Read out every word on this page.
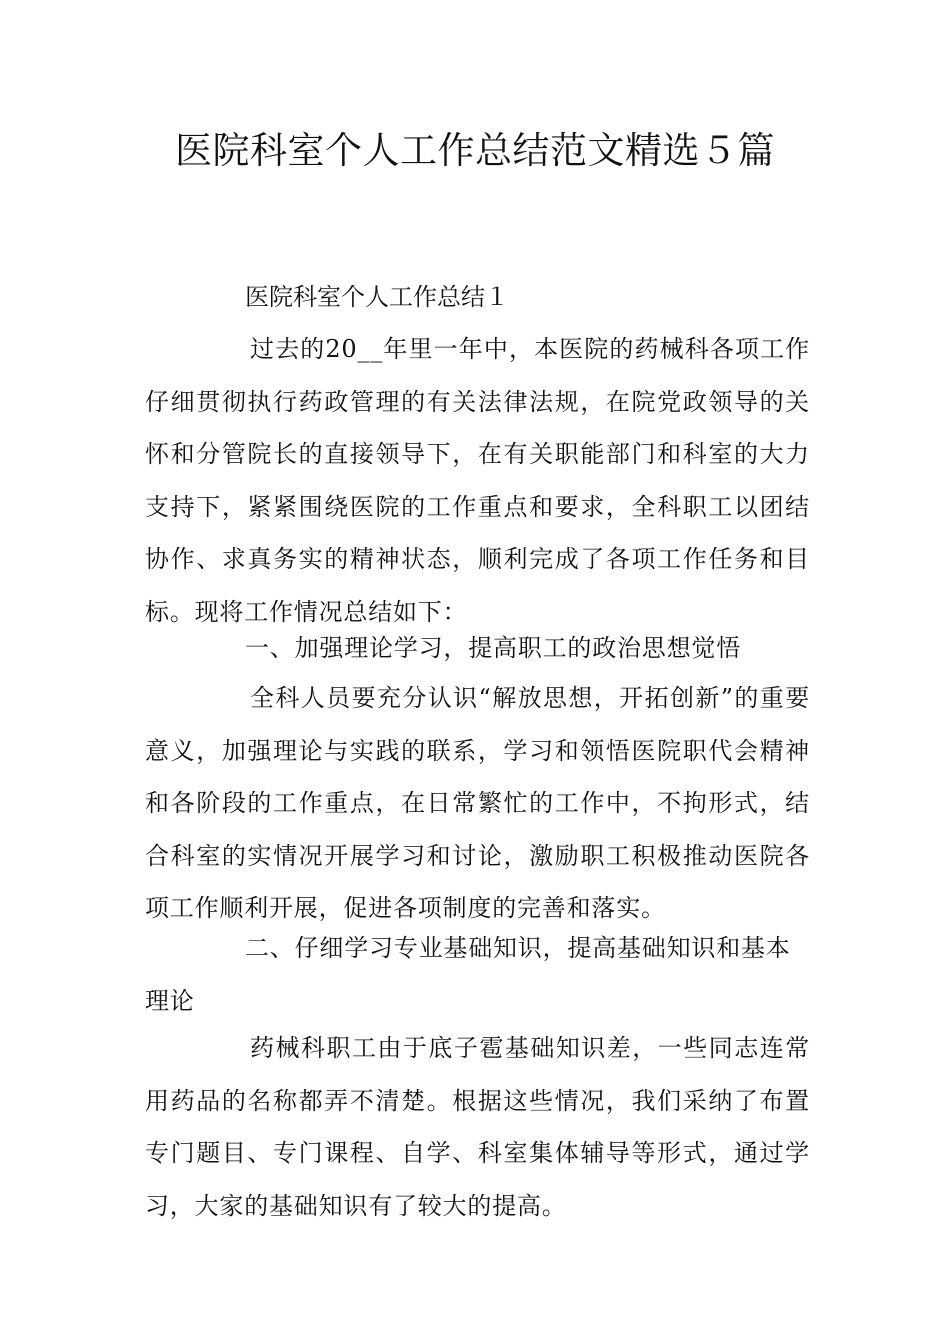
医院科室个人工作总结范文精选５篇

医院科室个人工作总结１

过去的20__年里一年中，本医院的药械科各项工作仔细贯彻执行药政管理的有关法律法规，在院党政领导的关怀和分管院长的直接领导下，在有关职能部门和科室的大力支持下，紧紧围绕医院的工作重点和要求，全科职工以团结协作、求真务实的精神状态，顺利完成了各项工作任务和目标。现将工作情况总结如下：

一、加强理论学习，提高职工的政治思想觉悟

全科人员要充分认识“解放思想，开拓创新”的重要意义，加强理论与实践的联系，学习和领悟医院职代会精神和各阶段的工作重点，在日常繁忙的工作中，不拘形式，结合科室的实情况开展学习和讨论，激励职工积极推动医院各项工作顺利开展，促进各项制度的完善和落实。

二、仔细学习专业基础知识，提高基础知识和基本理论

药械科职工由于底子雹基础知识差，一些同志连常用药品的名称都弄不清楚。根据这些情况，我们采纳了布置专门题目、专门课程、自学、科室集体辅导等形式，通过学习，大家的基础知识有了较大的提高。
